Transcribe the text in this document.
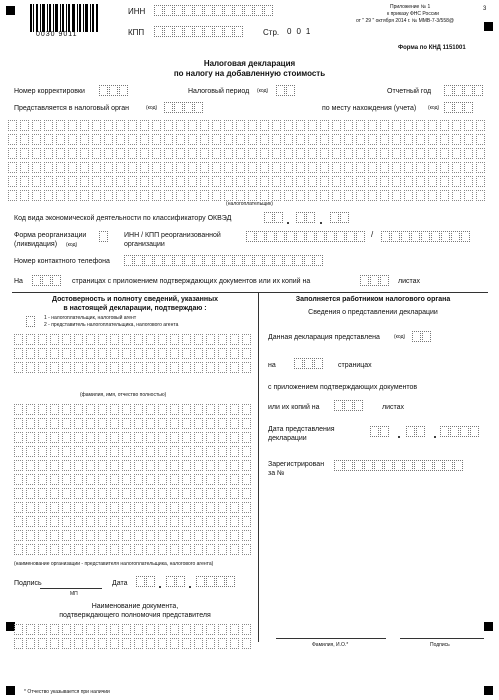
0030 9011
ИНН
КПП	Стр. 001
Приложение № 1
к приказу ФНС России
от " 29 " октября 2014 г. № ММВ-7-3/558@
3
Форма по КНД 1151001
Налоговая декларация
по налогу на добавленную стоимость
Номер корректировки	Налоговый период (код)	Отчетный год
Представляется в налоговый орган	(код)	по месту нахождения (учета) (код)
(налогоплательщик)
Код вида экономической деятельности по классификатору ОКВЭД
Форма реорганизации
(ликвидация) (код)
ИНН / КПП реорганизованной
организации
/
Номер контактного телефона
На	страницах с приложением подтверждающих документов или их копий на	листах
Достоверность и полноту сведений, указанных
в настоящей декларации, подтверждаю :
1 - налогоплательщик, налоговый агент
2 - представитель налогоплательщика, налогового агента
(фамилия, имя, отчество полностью)
(наименование организации - представителя налогоплательщика, налогового агента)
Подпись
МП
Дата
Наименование документа,
подтверждающего полномочия представителя
Заполняется работником налогового органа
Сведения о представлении декларации
Данная декларация представлена	(код)
на	страницах
с приложением подтверждающих документов
или их копий на	листах
Дата представления
декларации
Зарегистрирован
за №
Фамилия, И.О.*	Подпись
* Отчество указывается при наличии
